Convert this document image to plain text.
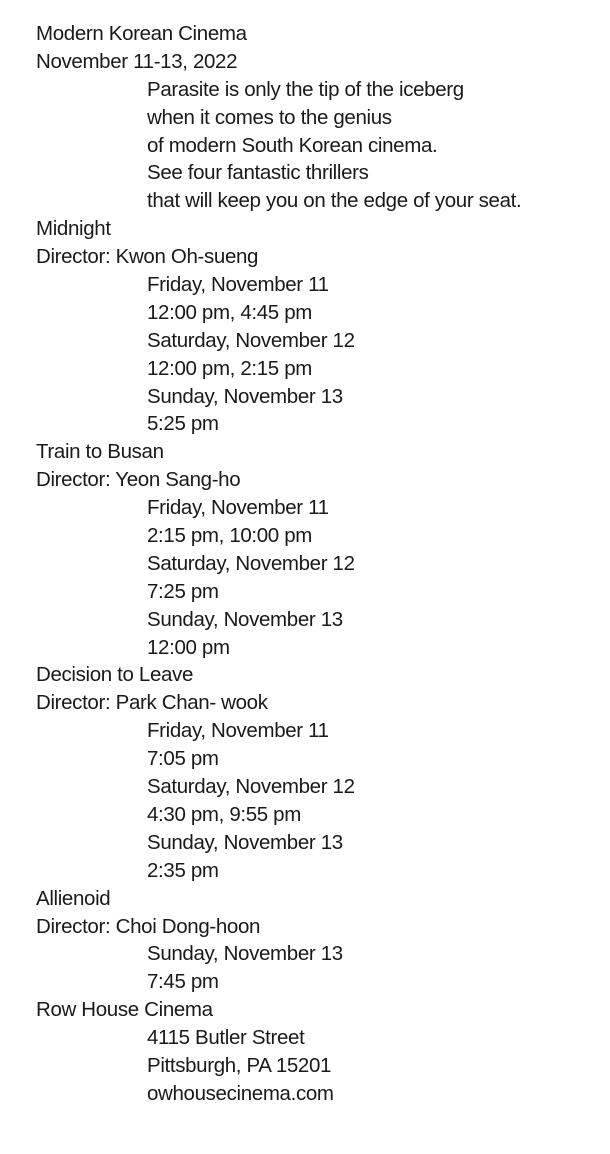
Modern Korean Cinema
November 11-13, 2022
Parasite is only the tip of the iceberg
when it comes to the genius
of modern South Korean cinema.
See four fantastic thrillers
that will keep you on the edge of your seat.
Midnight
Director: Kwon Oh-sueng
Friday, November 11
12:00 pm, 4:45 pm
Saturday, November 12
12:00 pm, 2:15 pm
Sunday, November 13
5:25 pm
Train to Busan
Director: Yeon Sang-ho
Friday, November 11
2:15 pm, 10:00 pm
Saturday, November 12
7:25 pm
Sunday, November 13
12:00 pm
Decision to Leave
Director: Park Chan- wook
Friday, November 11
7:05 pm
Saturday, November 12
4:30 pm, 9:55 pm
Sunday, November 13
2:35 pm
Allienoid
Director: Choi Dong-hoon
Sunday, November 13
7:45 pm
Row House Cinema
4115 Butler Street
Pittsburgh, PA 15201
owhousecinema.com
